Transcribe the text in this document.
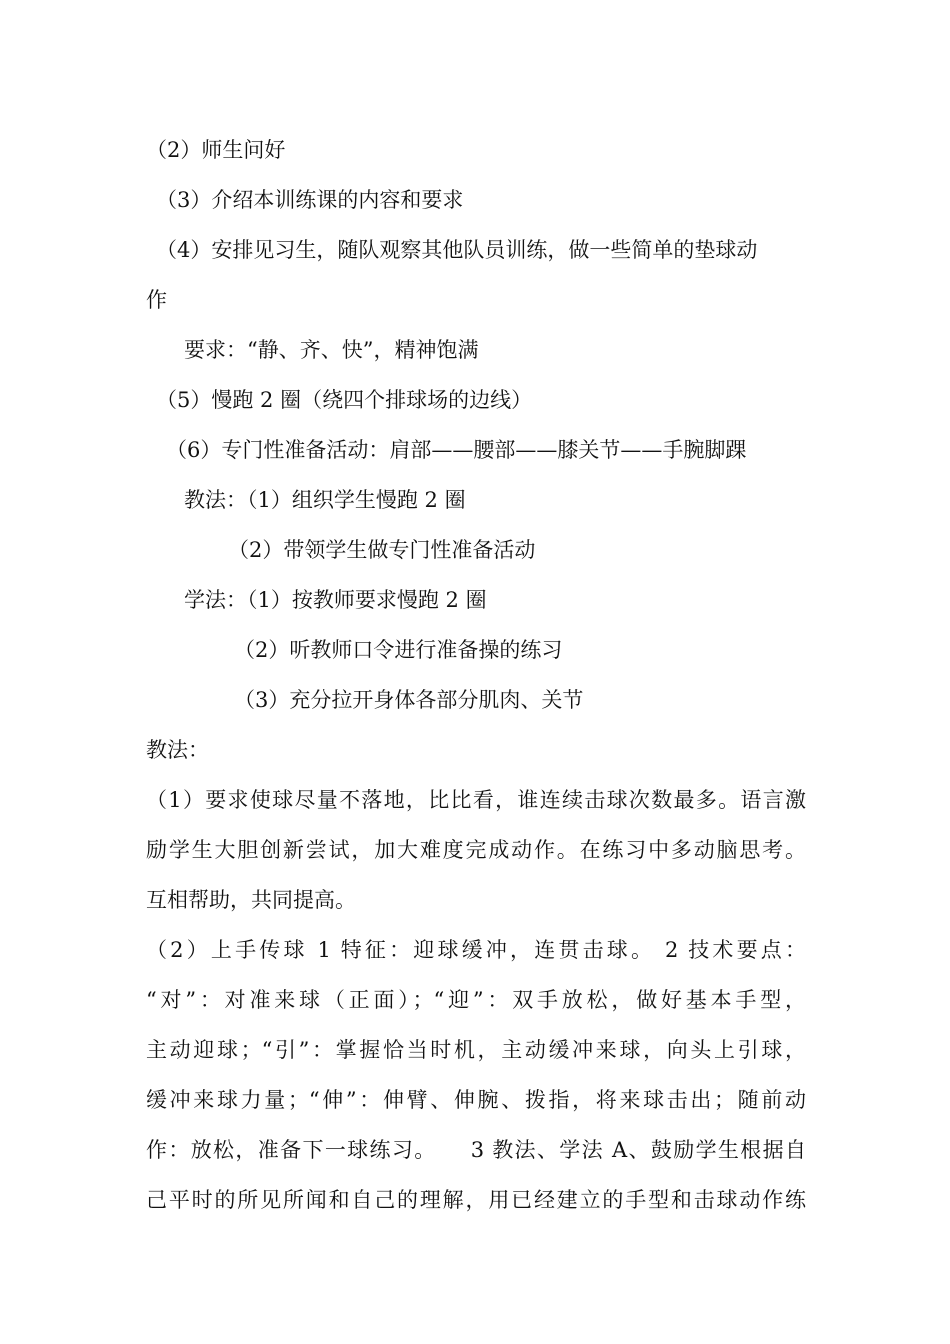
（2）师生问好
（3）介绍本训练课的内容和要求
（4）安排见习生，随队观察其他队员训练，做一些简单的垫球动
作
要求：“静、齐、快”，精神饱满
（5）慢跑 2 圈（绕四个排球场的边线）
（6）专门性准备活动：肩部——腰部——膝关节——手腕脚踝
教法：（1）组织学生慢跑 2 圈
（2）带领学生做专门性准备活动
学法：（1）按教师要求慢跑 2 圈
（2）听教师口令进行准备操的练习
（3）充分拉开身体各部分肌肉、关节
教法：
（1）要求使球尽量不落地，比比看，谁连续击球次数最多。语言激
励学生大胆创新尝试，加大难度完成动作。在练习中多动脑思考。
互相帮助，共同提高。
（2）上手传球 1 特征：迎球缓冲，连贯击球。 2 技术要点：
“对”：对准来球（正面）；“迎”：双手放松，做好基本手型，
主动迎球；“引”：掌握恰当时机，主动缓冲来球，向头上引球，
缓冲来球力量；“伸”：伸臂、伸腕、拨指，将来球击出；随前动
作：放松，准备下一球练习。　　3 教法、学法 A、鼓励学生根据自
己平时的所见所闻和自己的理解，用已经建立的手型和击球动作练
